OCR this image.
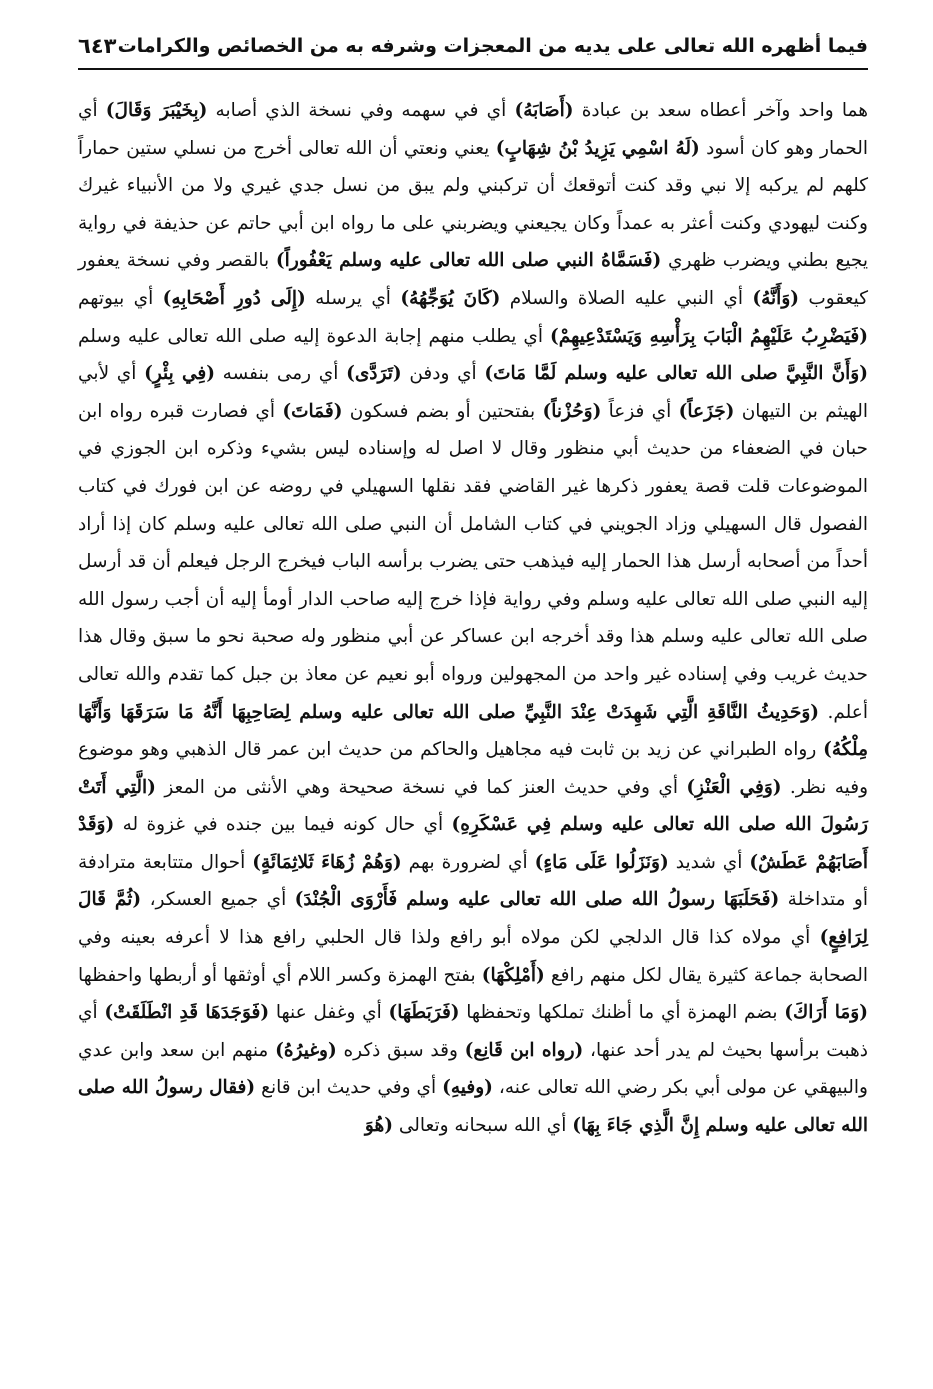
فيما أظهره الله تعالى على يديه من المعجزات وشرفه به من الخصائص والكرامات
٦٤٣

هما واحد وآخر أعطاه سعد بن عبادة (أَصَابَهُ) أي في سهمه وفي نسخة الذي أصابه (بِخَيْبَرَ وَقَالَ) أي الحمار وهو كان أسود (لَهُ اسْمِي يَزِيدُ بْنُ شِهَابٍ) يعني ونعتي أن الله تعالى أخرج من نسلي ستين حماراً كلهم لم يركبه إلا نبي وقد كنت أتوقعك أن تركبني ولم يبق من نسل جدي غيري ولا من الأنبياء غيرك وكنت ليهودي وكنت أعثر به عمداً وكان يجيعني ويضربني على ما رواه ابن أبي حاتم عن حذيفة في رواية يجيع بطني ويضرب ظهري (فَسَمَّاهُ النبي صلى الله تعالى عليه وسلم يَعْفُوراً) بالقصر وفي نسخة يعفور كيعقوب (وَأَنَّهُ) أي النبي عليه الصلاة والسلام (كَانَ يُوَجِّهُهُ) أي يرسله (إِلَى دُورِ أَصْحَابِهِ) أي بيوتهم (فَيَضْرِبُ عَلَيْهِمُ الْبَابَ بِرَأْسِهِ وَيَسْتَدْعِيهِمْ) أي يطلب منهم إجابة الدعوة إليه صلى الله تعالى عليه وسلم (وَأَنَّ النَّبِيَّ صلى الله تعالى عليه وسلم لَمَّا مَاتَ) أي ودفن (تَرَدَّى) أي رمى بنفسه (فِي بِئْرٍ) أي لأبي الهيثم بن التيهان (جَزَعاً) أي فزعاً (وَحُزْناً) بفتحتين أو بضم فسكون (فَمَاتَ) أي فصارت قبره رواه ابن حبان في الضعفاء من حديث أبي منظور وقال لا اصل له وإسناده ليس بشيء وذكره ابن الجوزي في الموضوعات قلت قصة يعفور ذكرها غير القاضي فقد نقلها السهيلي في روضه عن ابن فورك في كتاب الفصول قال السهيلي وزاد الجويني في كتاب الشامل أن النبي صلى الله تعالى عليه وسلم كان إذا أراد أحداً من أصحابه أرسل هذا الحمار إليه فيذهب حتى يضرب برأسه الباب فيخرج الرجل فيعلم أن قد أرسل إليه النبي صلى الله تعالى عليه وسلم وفي رواية فإذا خرج إليه صاحب الدار أومأ إليه أن أجب رسول الله صلى الله تعالى عليه وسلم هذا وقد أخرجه ابن عساكر عن أبي منظور وله صحبة نحو ما سبق وقال هذا حديث غريب وفي إسناده غير واحد من المجهولين ورواه أبو نعيم عن معاذ بن جبل كما تقدم والله تعالى أعلم. (وَحَدِيثُ النَّاقَةِ الَّتِي شَهِدَتْ عِنْدَ النَّبِيِّ صلى الله تعالى عليه وسلم لِصَاحِبِهَا أَنَّهُ مَا سَرَقَهَا وَأَنَّهَا مِلْكُهُ) رواه الطبراني عن زيد بن ثابت فيه مجاهيل والحاكم من حديث ابن عمر قال الذهبي وهو موضوع وفيه نظر. (وَفِي الْعَنْزِ) أي وفي حديث العنز كما في نسخة صحيحة وهي الأنثى من المعز (الَّتِي أَتَتْ رَسُولَ الله صلى الله تعالى عليه وسلم فِي عَسْكَرِهِ) أي حال كونه فيما بين جنده في غزوة له (وَقَدْ أَصَابَهُمْ عَطَشٌ) أي شديد (وَنَزَلُوا عَلَى مَاءٍ) أي لضرورة بهم (وَهُمْ زُهَاءَ ثَلاثِمَائَةٍ) أحوال متتابعة مترادفة أو متداخلة (فَحَلَبَهَا رسولُ الله صلى الله تعالى عليه وسلم فَأَرْوَى الْجُنْدَ) أي جميع العسكر، (ثُمَّ قَالَ لِرَافِعٍ) أي مولاه كذا قال الدلجي لكن مولاه أبو رافع ولذا قال الحلبي رافع هذا لا أعرفه بعينه وفي الصحابة جماعة كثيرة يقال لكل منهم رافع (أَمْلِكْهَا) بفتح الهمزة وكسر اللام أي أوثقها أو أربطها واحفظها (وَمَا أَرَاكَ) بضم الهمزة أي ما أظنك تملكها وتحفظها (فَرَبَطَهَا) أي وغفل عنها (فَوَجَدَهَا قَدِ انْطَلَقَتْ) أي ذهبت برأسها بحيث لم يدر أحد عنها، (رواه ابن قَانِع) وقد سبق ذكره (وغيرُهُ) منهم ابن سعد وابن عدي والبيهقي عن مولى أبي بكر رضي الله تعالى عنه، (وفيهِ) أي وفي حديث ابن قانع (فقال رسولُ الله صلى الله تعالى عليه وسلم إِنَّ الَّذِي جَاءَ بِهَا) أي الله سبحانه وتعالى (هُوَ
